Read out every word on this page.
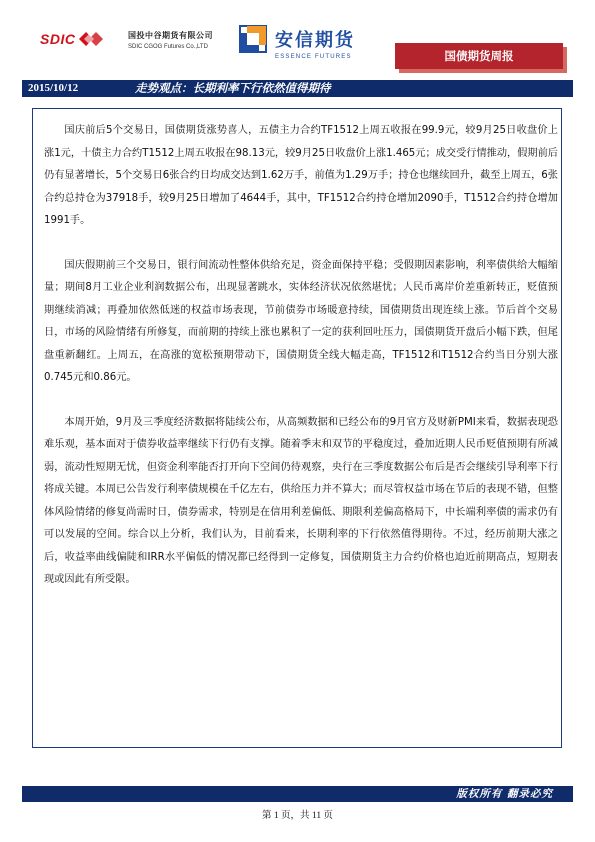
SDIC	国投中谷期货有限公司
SDIC CGOG Futures Co.,LTD	安信期货
ESSENCE FUTURES	国债期货周报
2015/10/12	走势观点：长期利率下行依然值得期待

国庆前后5个交易日，国债期货涨势喜人，五债主力合约TF1512上周五收报在99.9元，较9月25日收盘价上涨1元，十债主力合约T1512上周五收报在98.13元，较9月25日收盘价上涨1.465元；成交受行情推动，假期前后仍有显著增长，5个交易日6张合约日均成交达到1.62万手，前值为1.29万手；持仓也继续回升，截至上周五，6张合约总持仓为37918手，较9月25日增加了4644手，其中，TF1512合约持仓增加2090手，T1512合约持仓增加1991手。

国庆假期前三个交易日，银行间流动性整体供给充足，资金面保持平稳；受假期因素影响，利率债供给大幅缩量；期间8月工业企业利润数据公布，出现显著跳水，实体经济状况依然堪忧；人民币离岸价差重新转正，贬值预期继续消减；再叠加依然低迷的权益市场表现，节前债券市场暖意持续，国债期货出现连续上涨。节后首个交易日，市场的风险情绪有所修复，而前期的持续上涨也累积了一定的获利回吐压力，国债期货开盘后小幅下跌，但尾盘重新翻红。上周五，在高涨的宽松预期带动下，国债期货全线大幅走高，TF1512和T1512合约当日分别大涨0.745元和0.86元。

本周开始，9月及三季度经济数据将陆续公布，从高频数据和已经公布的9月官方及财新PMI来看，数据表现恐难乐观，基本面对于债券收益率继续下行仍有支撑。随着季末和双节的平稳度过，叠加近期人民币贬值预期有所减弱，流动性短期无忧，但资金利率能否打开向下空间仍待观察，央行在三季度数据公布后是否会继续引导利率下行将成关键。本周已公告发行利率债规模在千亿左右，供给压力并不算大；而尽管权益市场在节后的表现不错，但整体风险情绪的修复尚需时日，债券需求，特别是在信用利差偏低、期限利差偏高格局下，中长端利率债的需求仍有可以发展的空间。综合以上分析，我们认为，目前看来，长期利率的下行依然值得期待。不过，经历前期大涨之后，收益率曲线偏陡和IRR水平偏低的情况都已经得到一定修复，国债期货主力合约价格也迫近前期高点，短期表现或因此有所受限。

版权所有 翻录必究
第 1 页，共 11 页
